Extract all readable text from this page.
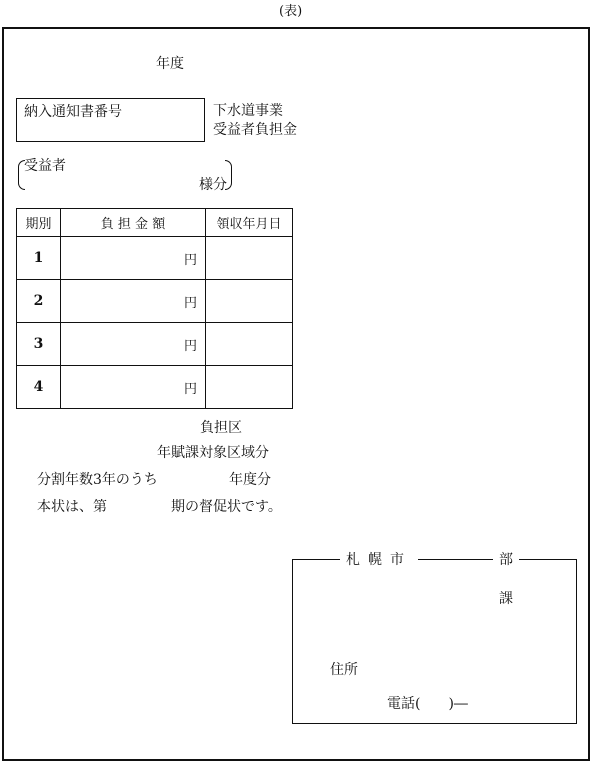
(表)
年度
納入通知書番号	下水道事業
受益者負担金
受益者
様分
期別	負 担 金 額	領収年月日
1	円	
2	円	
3	円	
4	円	
負担区
年賦課対象区域分
分割年数3年のうち	年度分
本状は、第	期の督促状です。
札幌市	部
課
住所
電話(　　)―
